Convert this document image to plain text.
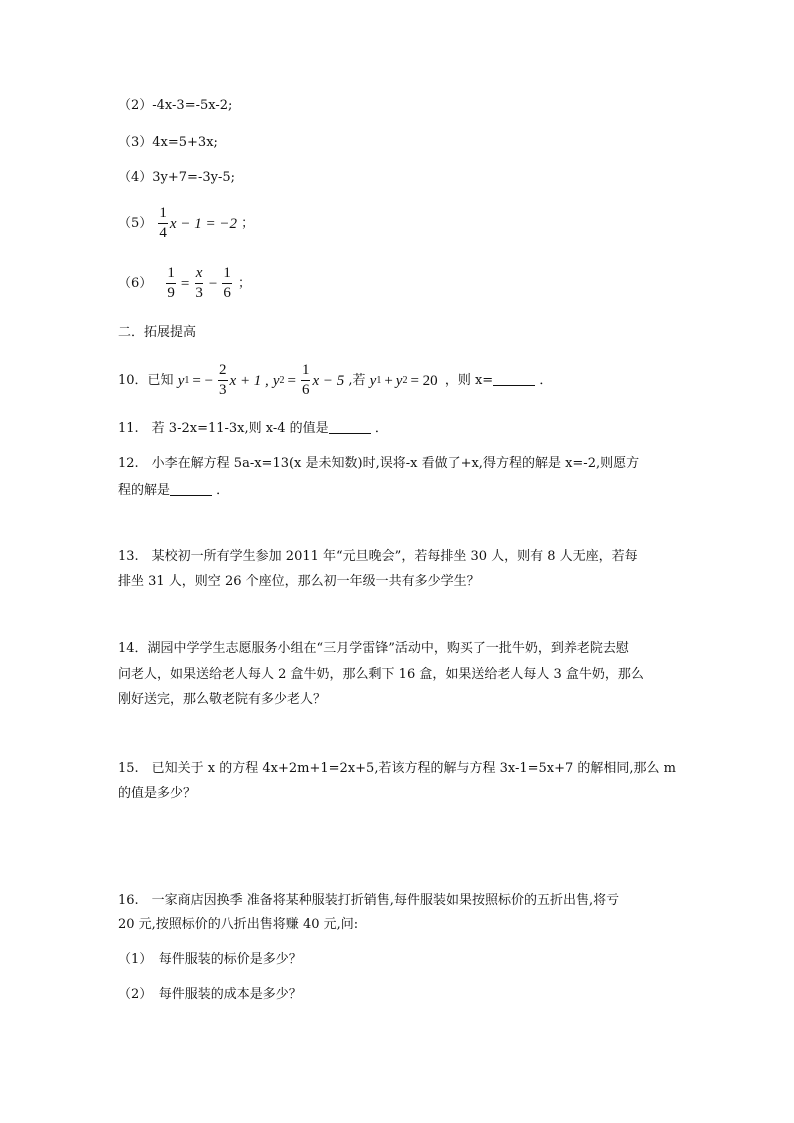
（2）-4x-3=-5x-2;
（3）4x=5+3x;
（4）3y+7=-3y-5;
$(5) \frac{1}{4}$ x − 1 = −2 ；
$(6) \frac{1}{9} = \frac{x}{3} - \frac{1}{6}$ ；
二．拓展提高
10．已知 y 1 = − $\frac{2}{3}$ x + 1 , y $2 = \frac{1}{6}$ x − 5 ,若 y 1 + y 2 = 20 ，则 x=	．
11.　若 3-2x=11-3x,则 x-4 的值是	．
12.　小李在解方程 5a-x=13(x 是未知数)时,误将-x 看做了+x,得方程的解是 x=-2,则愿方
程的解是	．
13.　某校初一所有学生参加 2011 年“元旦晚会”，若每排坐 30 人，则有 8 人无座，若每
排坐 31 人，则空 26 个座位，那么初一年级一共有多少学生？
14．湖园中学学生志愿服务小组在“三月学雷锋”活动中，购买了一批牛奶，到养老院去慰
问老人，如果送给老人每人 2 盒牛奶，那么剩下 16 盒，如果送给老人每人 3 盒牛奶，那么
刚好送完，那么敬老院有多少老人？
15.　已知关于 x 的方程 4x+2m+1=2x+5,若该方程的解与方程 3x-1=5x+7 的解相同,那么 m
的值是多少？
16.　一家商店因换季 准备将某种服装打折销售,每件服装如果按照标价的五折出售,将亏
20 元,按照标价的八折出售将赚 40 元,问:
（1）　每件服装的标价是多少？
（2）　每件服装的成本是多少？
